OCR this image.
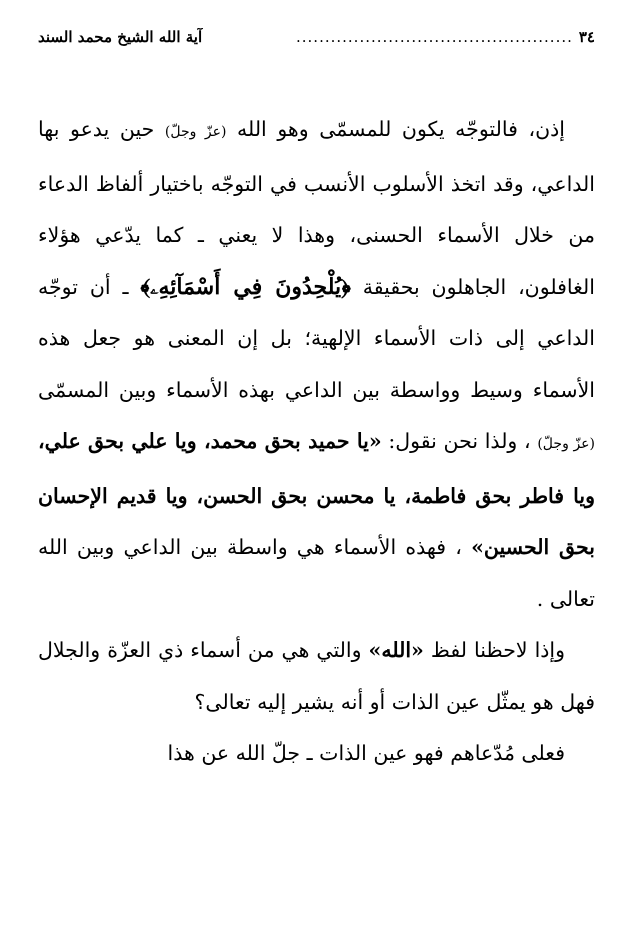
٣٤
................................................
آية الله الشيخ محمد السند

إذن، فالتوجّه يكون للمسمّى وهو الله (عزّ وجلّ) حين يدعو بها الداعي، وقد اتخذ الأسلوب الأنسب في التوجّه باختيار ألفاظ الدعاء من خلال الأسماء الحسنى، وهذا لا يعني ـ كما يدّعي هؤلاء الغافلون، الجاهلون بحقيقة ﴿يُلْحِدُونَ فِي أَسْمَآئِهِۦ﴾ ـ أن توجّه الداعي إلى ذات الأسماء الإلهية؛ بل إن المعنى هو جعل هذه الأسماء وسيط وواسطة بين الداعي بهذه الأسماء وبين المسمّى (عزّ وجلّ) ، ولذا نحن نقول: «يا حميد بحق محمد، ويا علي بحق علي، ويا فاطر بحق فاطمة، يا محسن بحق الحسن، ويا قديم الإحسان بحق الحسين» ، فهذه الأسماء هي واسطة بين الداعي وبين الله تعالى .

وإذا لاحظنا لفظ «الله» والتي هي من أسماء ذي العزّة والجلال فهل هو يمثّل عين الذات أو أنه يشير إليه تعالى؟

فعلى مُدّعاهم فهو عين الذات ـ جلّ الله عن هذا
